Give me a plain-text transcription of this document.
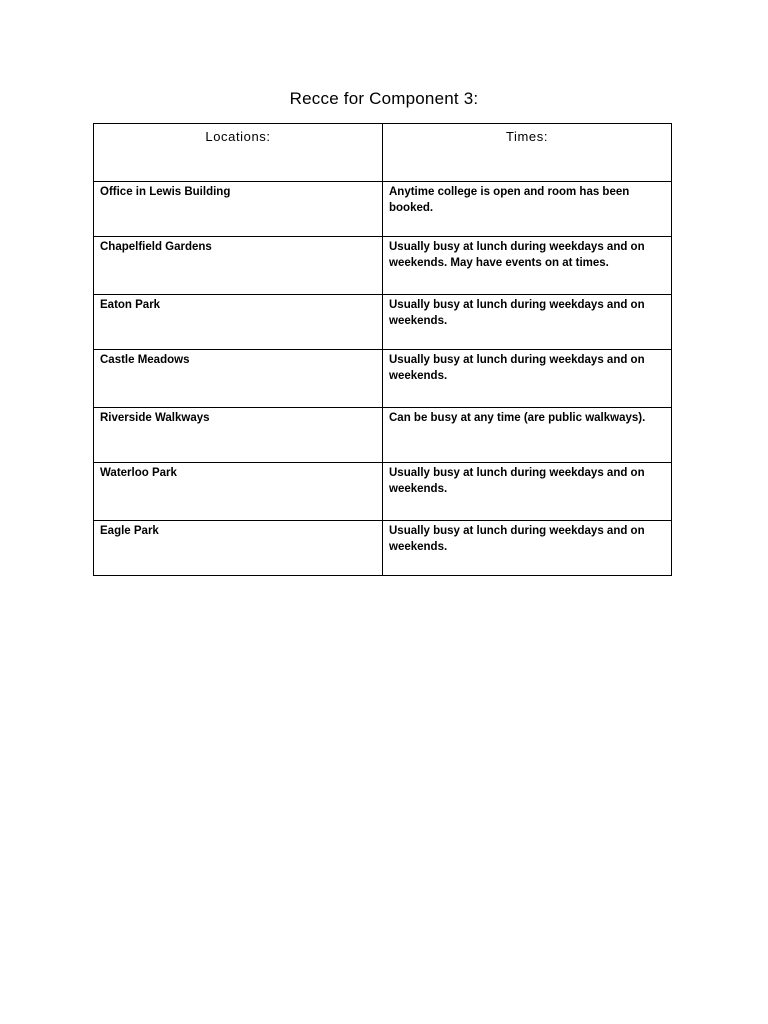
Recce for Component 3:
Locations:	Times:

Office in Lewis Building	Anytime college is open and room has been booked.

Chapelfield Gardens	Usually busy at lunch during weekdays and on weekends. May have events on at times.

Eaton Park	Usually busy at lunch during weekdays and on weekends.

Castle Meadows	Usually busy at lunch during weekdays and on weekends.

Riverside Walkways	Can be busy at any time (are public walkways).

Waterloo Park	Usually busy at lunch during weekdays and on weekends.

Eagle Park	Usually busy at lunch during weekdays and on weekends.
